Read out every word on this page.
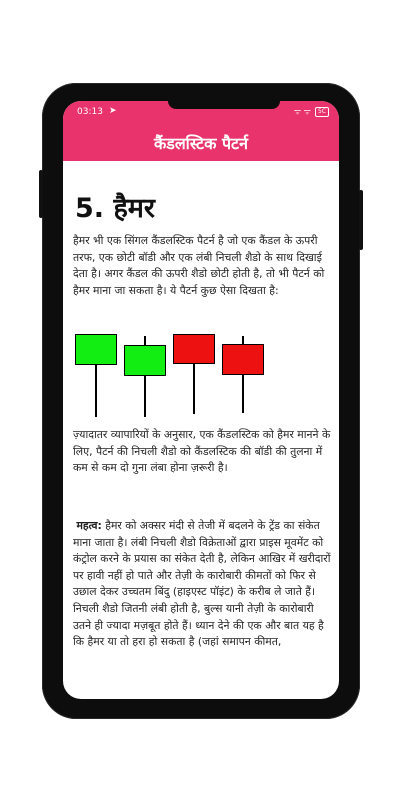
03:13 ➤	ᯤ ᯤ	5C
कैंडलस्टिक पैटर्न
5. हैमर

हैमर भी एक सिंगल कैंडलस्टिक पैटर्न है जो एक कैंडल के ऊपरी तरफ, एक छोटी बॉडी और एक लंबी निचली शैडो के साथ दिखाई देता है। अगर कैंडल की ऊपरी शैडो छोटी होती है, तो भी पैटर्न को हैमर माना जा सकता है। ये पैटर्न कुछ ऐसा दिखता है:

ज़्यादातर व्यापारियों के अनुसार, एक कैंडलस्टिक को हैमर मानने के लिए, पैटर्न की निचली शैडो को कैंडलस्टिक की बॉडी की तुलना में कम से कम दो गुना लंबा होना ज़रूरी है।

महत्व: हैमर को अक्सर मंदी से तेजी में बदलने के ट्रेंड का संकेत माना जाता है। लंबी निचली शैडो विक्रेताओं द्वारा प्राइस मूवमेंट को कंट्रोल करने के प्रयास का संकेत देती है, लेकिन आखिर में खरीदारों पर हावी नहीं हो पाते और तेज़ी के कारोबारी कीमतों को फिर से उछाल देकर उच्चतम बिंदु (हाइएस्ट पॉइंट) के करीब ले जाते हैं। निचली शैडो जितनी लंबी होती है, बुल्स यानी तेज़ी के कारोबारी उतने ही ज्यादा मज़बूत होते हैं। ध्यान देने की एक और बात यह है कि हैमर या तो हरा हो सकता है (जहां समापन कीमत,
